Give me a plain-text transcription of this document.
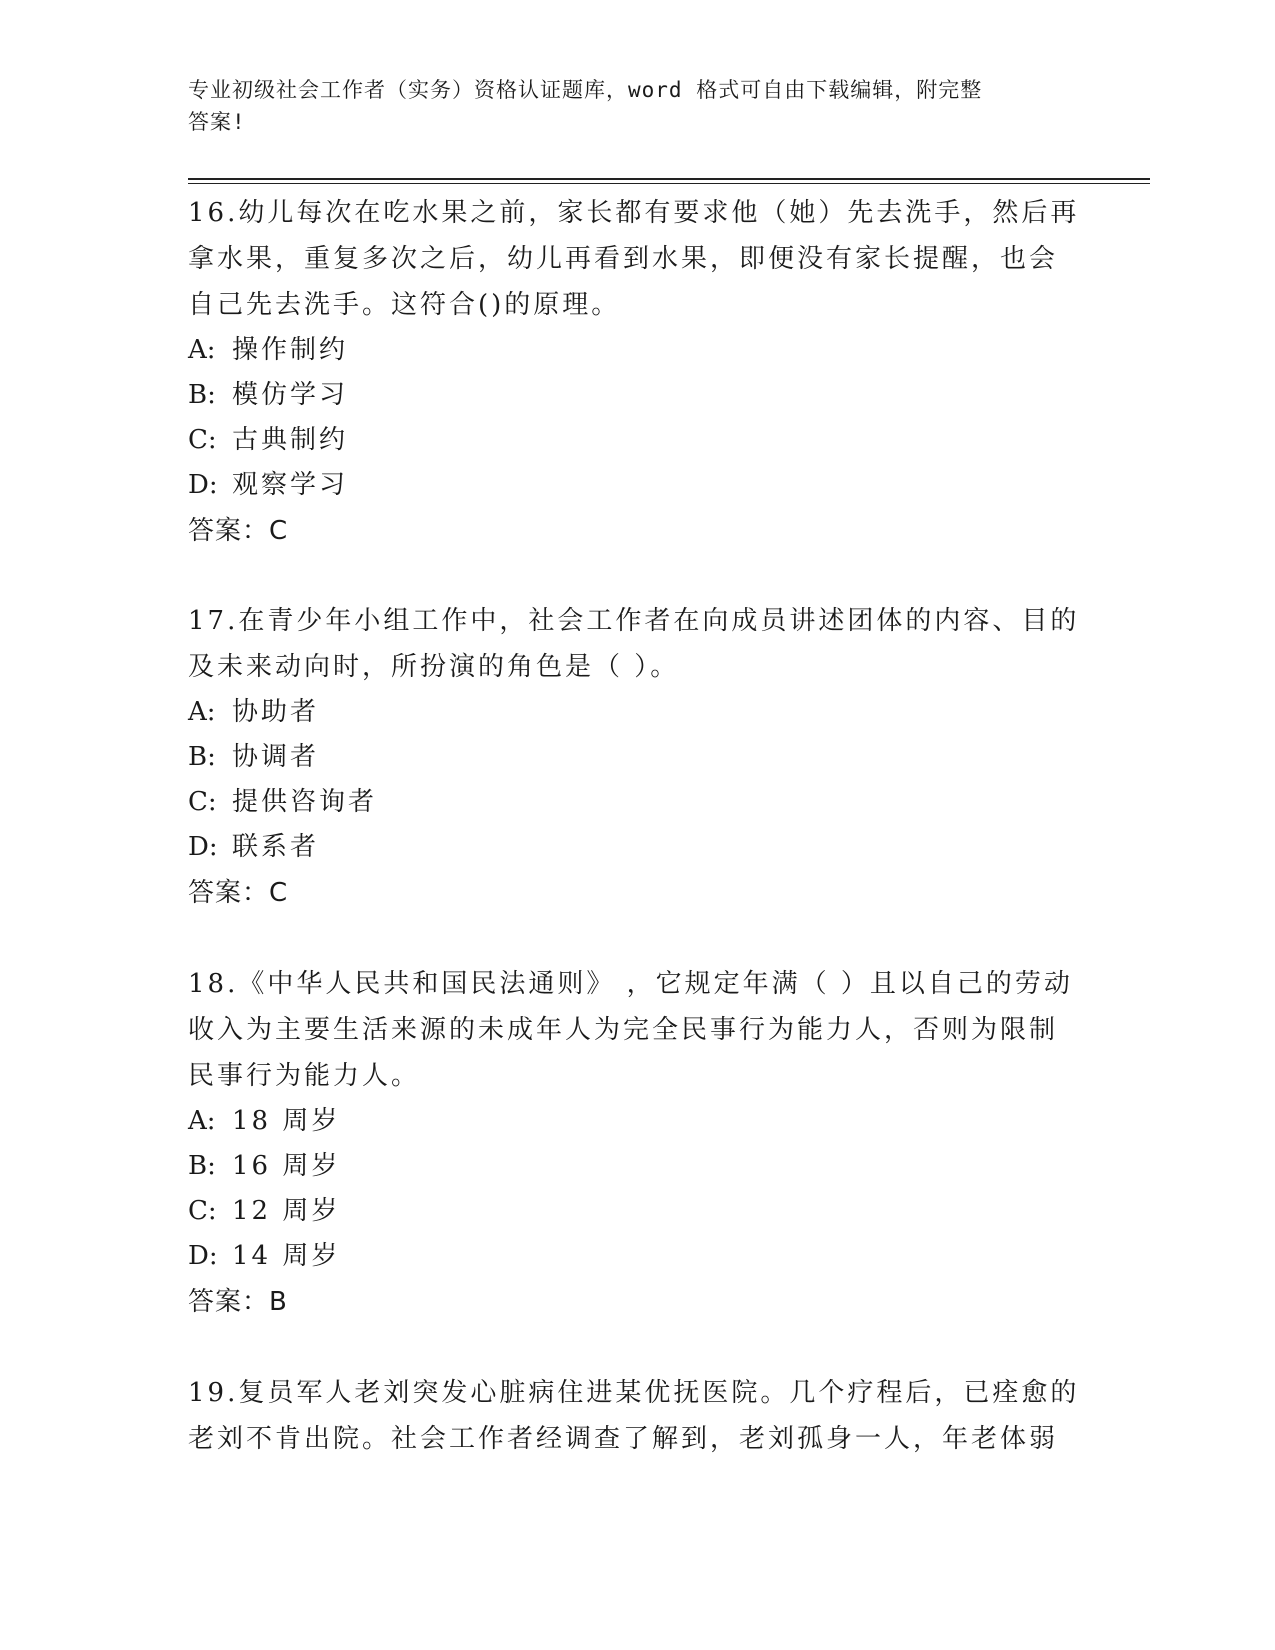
专业初级社会工作者（实务）资格认证题库，word 格式可自由下载编辑，附完整
答案!

16.幼儿每次在吃水果之前，家长都有要求他（她）先去洗手，然后再
拿水果，重复多次之后，幼儿再看到水果，即便没有家长提醒，也会
自己先去洗手。这符合()的原理。

A: 操作制约
B: 模仿学习
C: 古典制约
D: 观察学习
答案：C

17.在青少年小组工作中，社会工作者在向成员讲述团体的内容、目的
及未来动向时，所扮演的角色是（ ）。

A: 协助者
B: 协调者
C: 提供咨询者
D: 联系者
答案：C

18.《中华人民共和国民法通则》 ，它规定年满（ ）且以自己的劳动
收入为主要生活来源的未成年人为完全民事行为能力人，否则为限制
民事行为能力人。

A: 18 周岁
B: 16 周岁
C: 12 周岁
D: 14 周岁
答案：B

19.复员军人老刘突发心脏病住进某优抚医院。几个疗程后，已痊愈的
老刘不肯出院。社会工作者经调查了解到，老刘孤身一人，年老体弱
